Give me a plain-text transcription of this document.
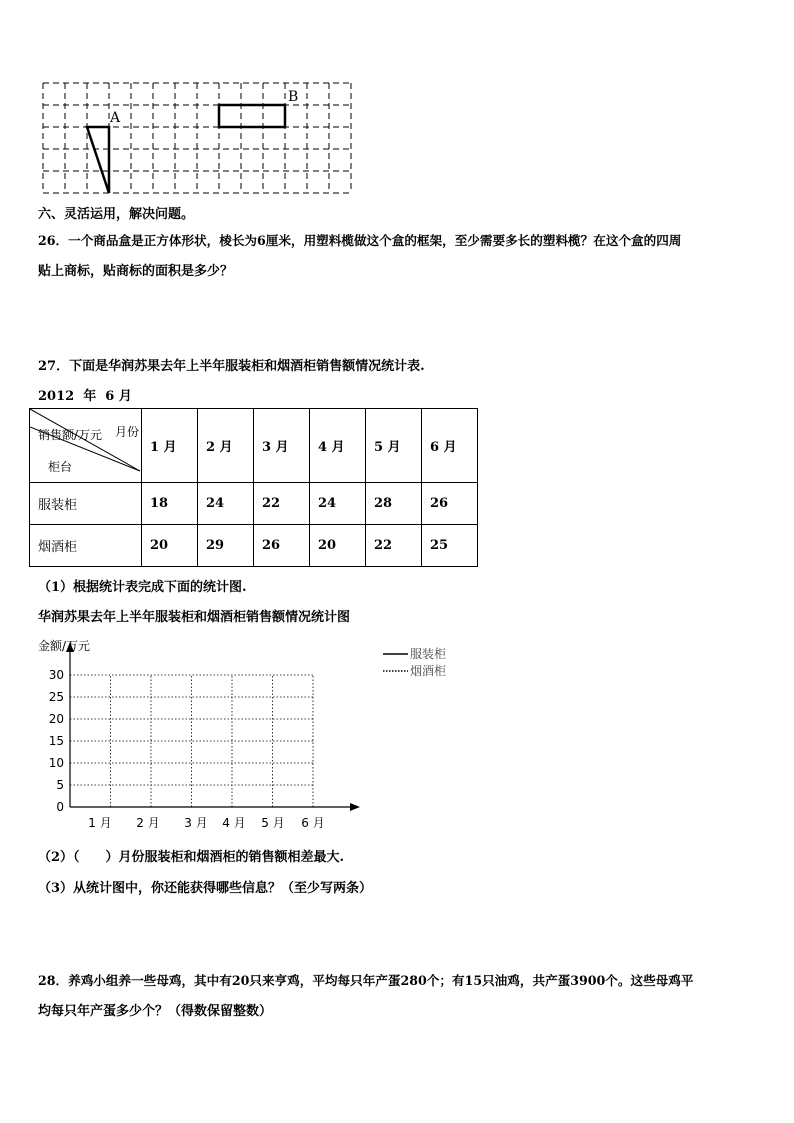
A
B
六、灵活运用，解决问题。
26．一个商品盒是正方体形状，棱长为6厘米，用塑料榄做这个盒的框架，至少需要多长的塑料榄？在这个盒的四周
贴上商标，贴商标的面积是多少？
27．下面是华润苏果去年上半年服装柜和烟酒柜销售额情况统计表.
2012  年  6 月
月份
销售额/万元
柜台	1 月	2 月	3 月	4 月	5 月	6 月
服装柜	18	24	22	24	28	26
烟酒柜	20	29	26	20	22	25
（1）根据统计表完成下面的统计图.
华润苏果去年上半年服装柜和烟酒柜销售额情况统计图
金额/万元
0
5
10
15
20
25
30
1 月 2 月 3 月 4 月 5 月 6 月
服装柜
烟酒柜
（2）（　　）月份服装柜和烟酒柜的销售额相差最大.
（3）从统计图中，你还能获得哪些信息？（至少写两条）
28．养鸡小组养一些母鸡，其中有20只来亨鸡，平均每只年产蛋280个；有15只油鸡，共产蛋3900个。这些母鸡平
均每只年产蛋多少个？（得数保留整数）
